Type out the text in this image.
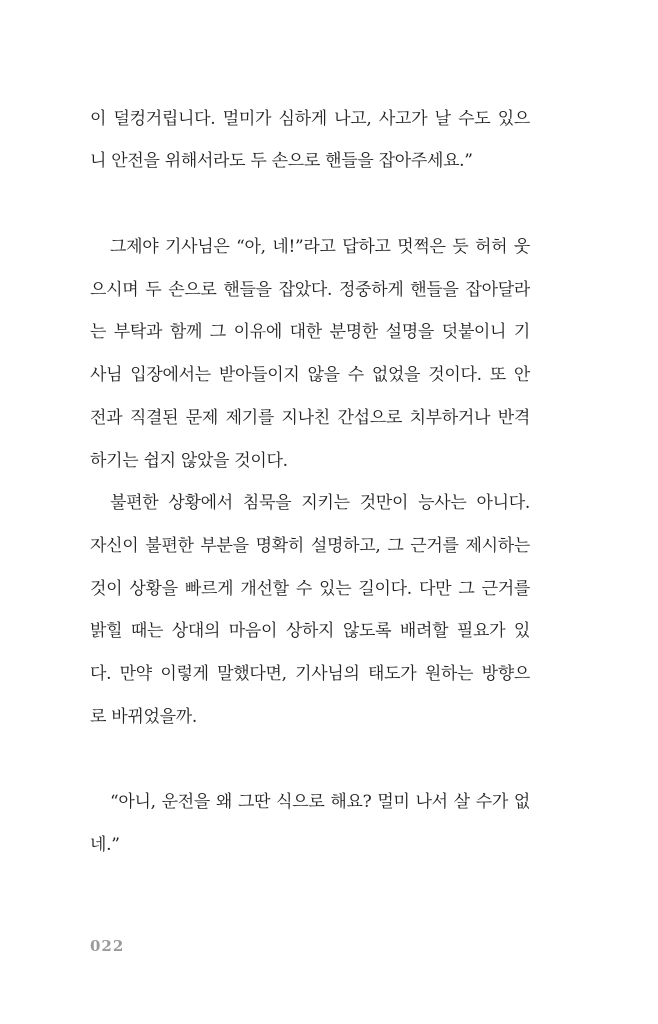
이 덜컹거립니다. 멀미가 심하게 나고, 사고가 날 수도 있으
니 안전을 위해서라도 두 손으로 핸들을 잡아주세요.”
그제야 기사님은 “아, 네!”라고 답하고 멋쩍은 듯 허허 웃
으시며 두 손으로 핸들을 잡았다. 정중하게 핸들을 잡아달라
는 부탁과 함께 그 이유에 대한 분명한 설명을 덧붙이니 기
사님 입장에서는 받아들이지 않을 수 없었을 것이다. 또 안
전과 직결된 문제 제기를 지나친 간섭으로 치부하거나 반격
하기는 쉽지 않았을 것이다.
불편한 상황에서 침묵을 지키는 것만이 능사는 아니다.
자신이 불편한 부분을 명확히 설명하고, 그 근거를 제시하는
것이 상황을 빠르게 개선할 수 있는 길이다. 다만 그 근거를
밝힐 때는 상대의 마음이 상하지 않도록 배려할 필요가 있
다. 만약 이렇게 말했다면, 기사님의 태도가 원하는 방향으
로 바뀌었을까.
“아니, 운전을 왜 그딴 식으로 해요? 멀미 나서 살 수가 없
네.”
022
